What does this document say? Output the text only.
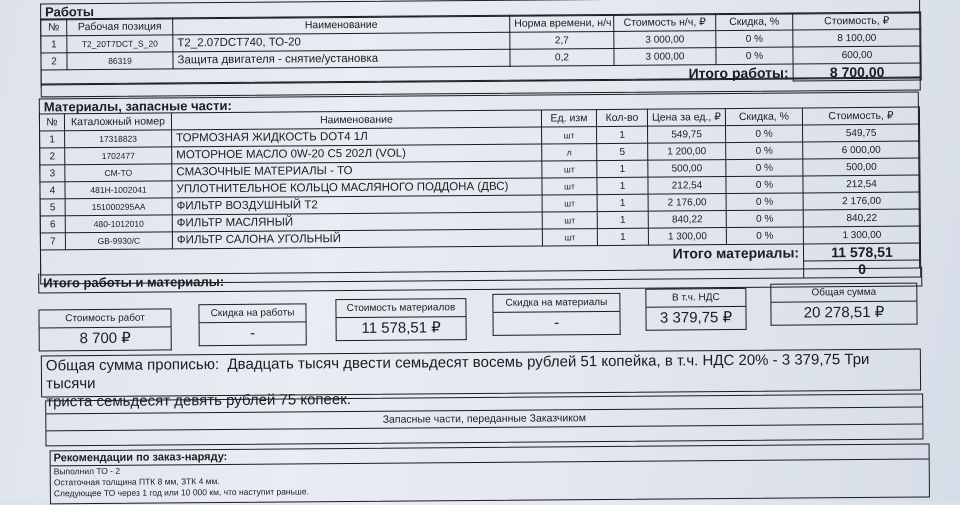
Работы
№	Рабочая позиция	Наименование	Норма времени, н/ч	Стоимость н/ч, ₽	Скидка, %	Стоимость, ₽
1	T2_20T7DCT_S_20	T2_2.07DCT740, ТО-20	2,7	3 000,00	0 %	8 100,00
2	86319	Защита двигателя - снятие/установка	0,2	3 000,00	0 %	600,00
Итого работы:						8 700,00
Материалы, запасные части:
№	Каталожный номер	Наименование	Ед. изм	Кол-во	Цена за ед., ₽	Скидка, %	Стоимость, ₽
1	17318823	ТОРМОЗНАЯ ЖИДКОСТЬ DOT4 1Л	шт	1	549,75	0 %	549,75
2	1702477	МОТОРНОЕ МАСЛО 0W-20 C5 202Л (VOL)	л	5	1 200,00	0 %	6 000,00
3	CM-TO	СМАЗОЧНЫЕ МАТЕРИАЛЫ - ТО	шт	1	500,00	0 %	500,00
4	481H-1002041	УПЛОТНИТЕЛЬНОЕ КОЛЬЦО МАСЛЯНОГО ПОДДОНА (ДВС)	шт	1	212,54	0 %	212,54
5	151000295AA	ФИЛЬТР ВОЗДУШНЫЙ T2	шт	1	2 176,00	0 %	2 176,00
6	480-1012010	ФИЛЬТР МАСЛЯНЫЙ	шт	1	840,22	0 %	840,22
7	GB-9930/C	ФИЛЬТР САЛОНА УГОЛЬНЫЙ	шт	1	1 300,00	0 %	1 300,00
Итого материалы:							11 578,51
							0
Итого работы и материалы:
Стоимость работ
8 700 ₽
Скидка на работы
-
Стоимость материалов
11 578,51 ₽
Скидка на материалы
-
В т.ч. НДС
3 379,75 ₽
Общая сумма
20 278,51 ₽
Общая сумма прописью: Двадцать тысяч двести семьдесят восемь рублей 51 копейка, в т.ч. НДС 20% - 3 379,75 Три тысячи
триста семьдесят девять рублей 75 копеек.
Запасные части, переданные Заказчиком
Рекомендации по заказ-наряду:
Выполнил ТО - 2
Остаточная толщина ПТК 8 мм, ЗТК 4 мм.
Следующее ТО через 1 год или 10 000 км, что наступит раньше.
